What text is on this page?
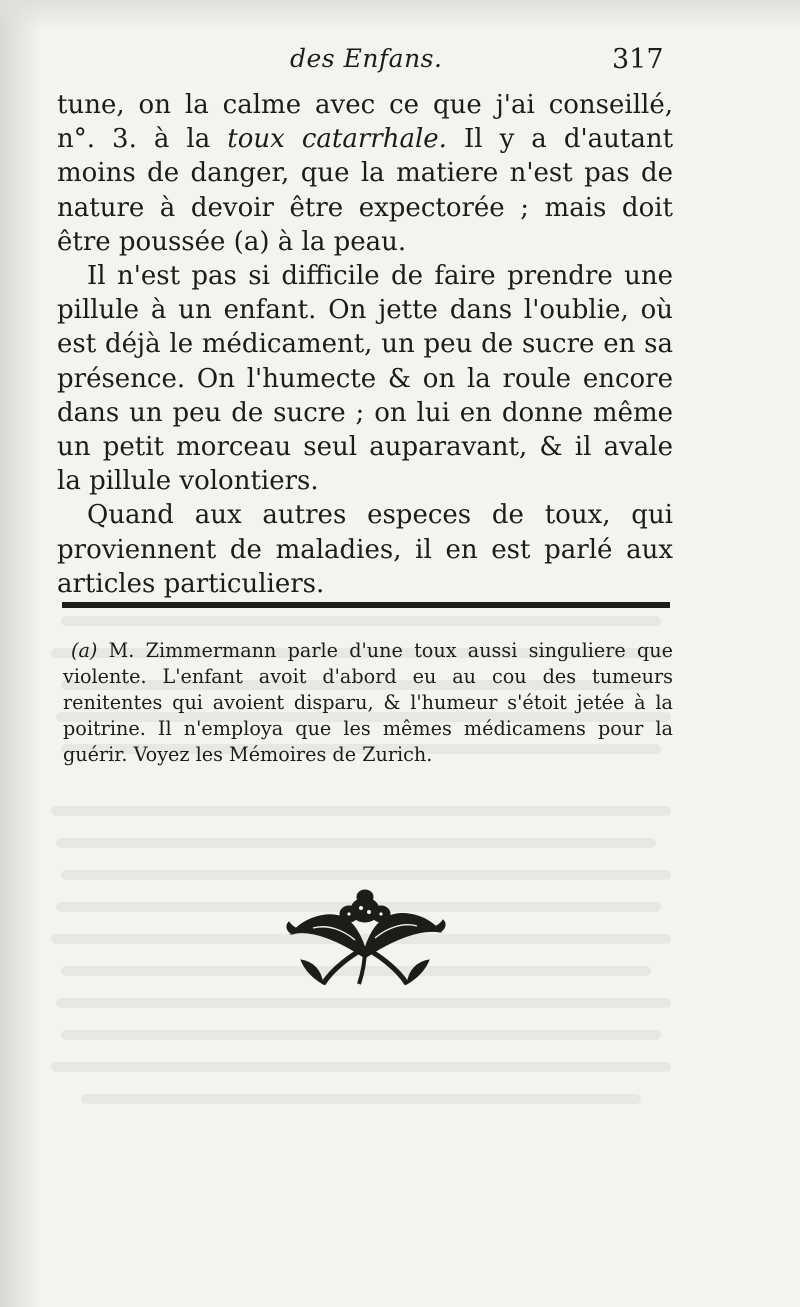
des Enfans.	317

tune, on la calme avec ce que j'ai conseillé, n°. 3. à la toux catarrhale. Il y a d'autant moins de danger, que la matiere n'est pas de nature à devoir être expectorée ; mais doit être poussée (a) à la peau.

Il n'est pas si difficile de faire prendre une pillule à un enfant. On jette dans l'oublie, où est déjà le médicament, un peu de sucre en sa présence. On l'humecte & on la roule encore dans un peu de sucre ; on lui en donne même un petit morceau seul auparavant, & il avale la pillule volontiers.

Quand aux autres especes de toux, qui proviennent de maladies, il en est parlé aux articles particuliers.

(a) M. Zimmermann parle d'une toux aussi singuliere que violente. L'enfant avoit d'abord eu au cou des tumeurs renitentes qui avoient disparu, & l'humeur s'étoit jetée à la poitrine. Il n'employa que les mêmes médicamens pour la guérir. Voyez les Mémoires de Zurich.
